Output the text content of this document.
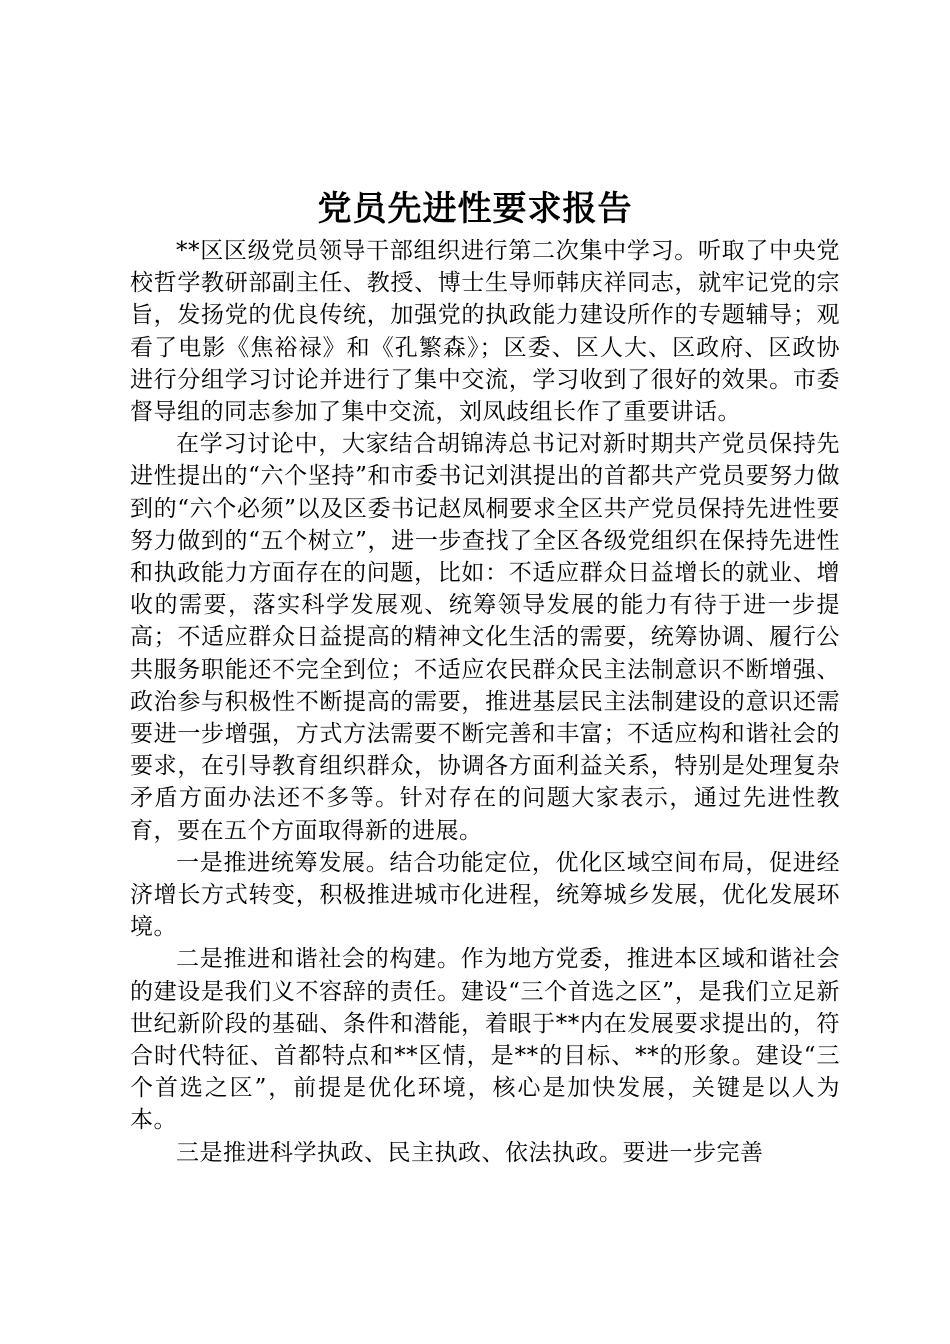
党员先进性要求报告

**区区级党员领导干部组织进行第二次集中学习。听取了中央党校哲学教研部副主任、教授、博士生导师韩庆祥同志，就牢记党的宗旨，发扬党的优良传统，加强党的执政能力建设所作的专题辅导；观看了电影《焦裕禄》和《孔繁森》；区委、区人大、区政府、区政协进行分组学习讨论并进行了集中交流，学习收到了很好的效果。市委督导组的同志参加了集中交流，刘凤歧组长作了重要讲话。

在学习讨论中，大家结合胡锦涛总书记对新时期共产党员保持先进性提出的“六个坚持”和市委书记刘淇提出的首都共产党员要努力做到的“六个必须”以及区委书记赵凤桐要求全区共产党员保持先进性要努力做到的“五个树立”，进一步查找了全区各级党组织在保持先进性和执政能力方面存在的问题，比如：不适应群众日益增长的就业、增收的需要，落实科学发展观、统筹领导发展的能力有待于进一步提高；不适应群众日益提高的精神文化生活的需要，统筹协调、履行公共服务职能还不完全到位；不适应农民群众民主法制意识不断增强、政治参与积极性不断提高的需要，推进基层民主法制建设的意识还需要进一步增强，方式方法需要不断完善和丰富；不适应构和谐社会的要求，在引导教育组织群众，协调各方面利益关系，特别是处理复杂矛盾方面办法还不多等。针对存在的问题大家表示，通过先进性教育，要在五个方面取得新的进展。

一是推进统筹发展。结合功能定位，优化区域空间布局，促进经济增长方式转变，积极推进城市化进程，统筹城乡发展，优化发展环境。

二是推进和谐社会的构建。作为地方党委，推进本区域和谐社会的建设是我们义不容辞的责任。建设“三个首选之区”，是我们立足新世纪新阶段的基础、条件和潜能，着眼于**内在发展要求提出的，符合时代特征、首都特点和**区情，是**的目标、**的形象。建设“三个首选之区”，前提是优化环境，核心是加快发展，关键是以人为本。

三是推进科学执政、民主执政、依法执政。要进一步完善
